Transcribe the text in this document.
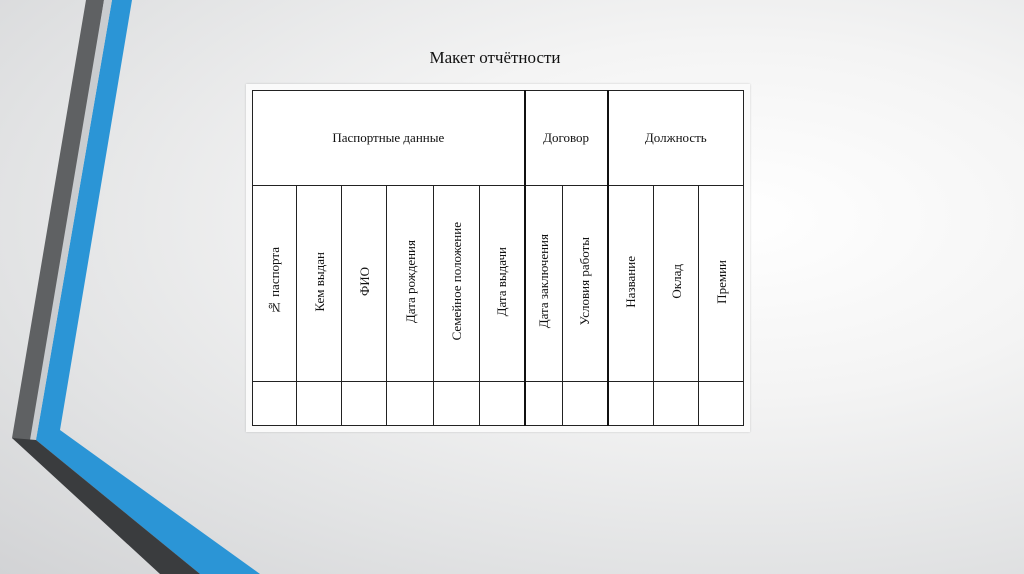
Макет отчётности
Паспортные данные						Договор		Должность		
№ паспорта	Кем выдан	ФИО	Дата рождения	Семейное положение	Дата выдачи	Дата заключения	Условия работы	Название	Оклад	Премии
